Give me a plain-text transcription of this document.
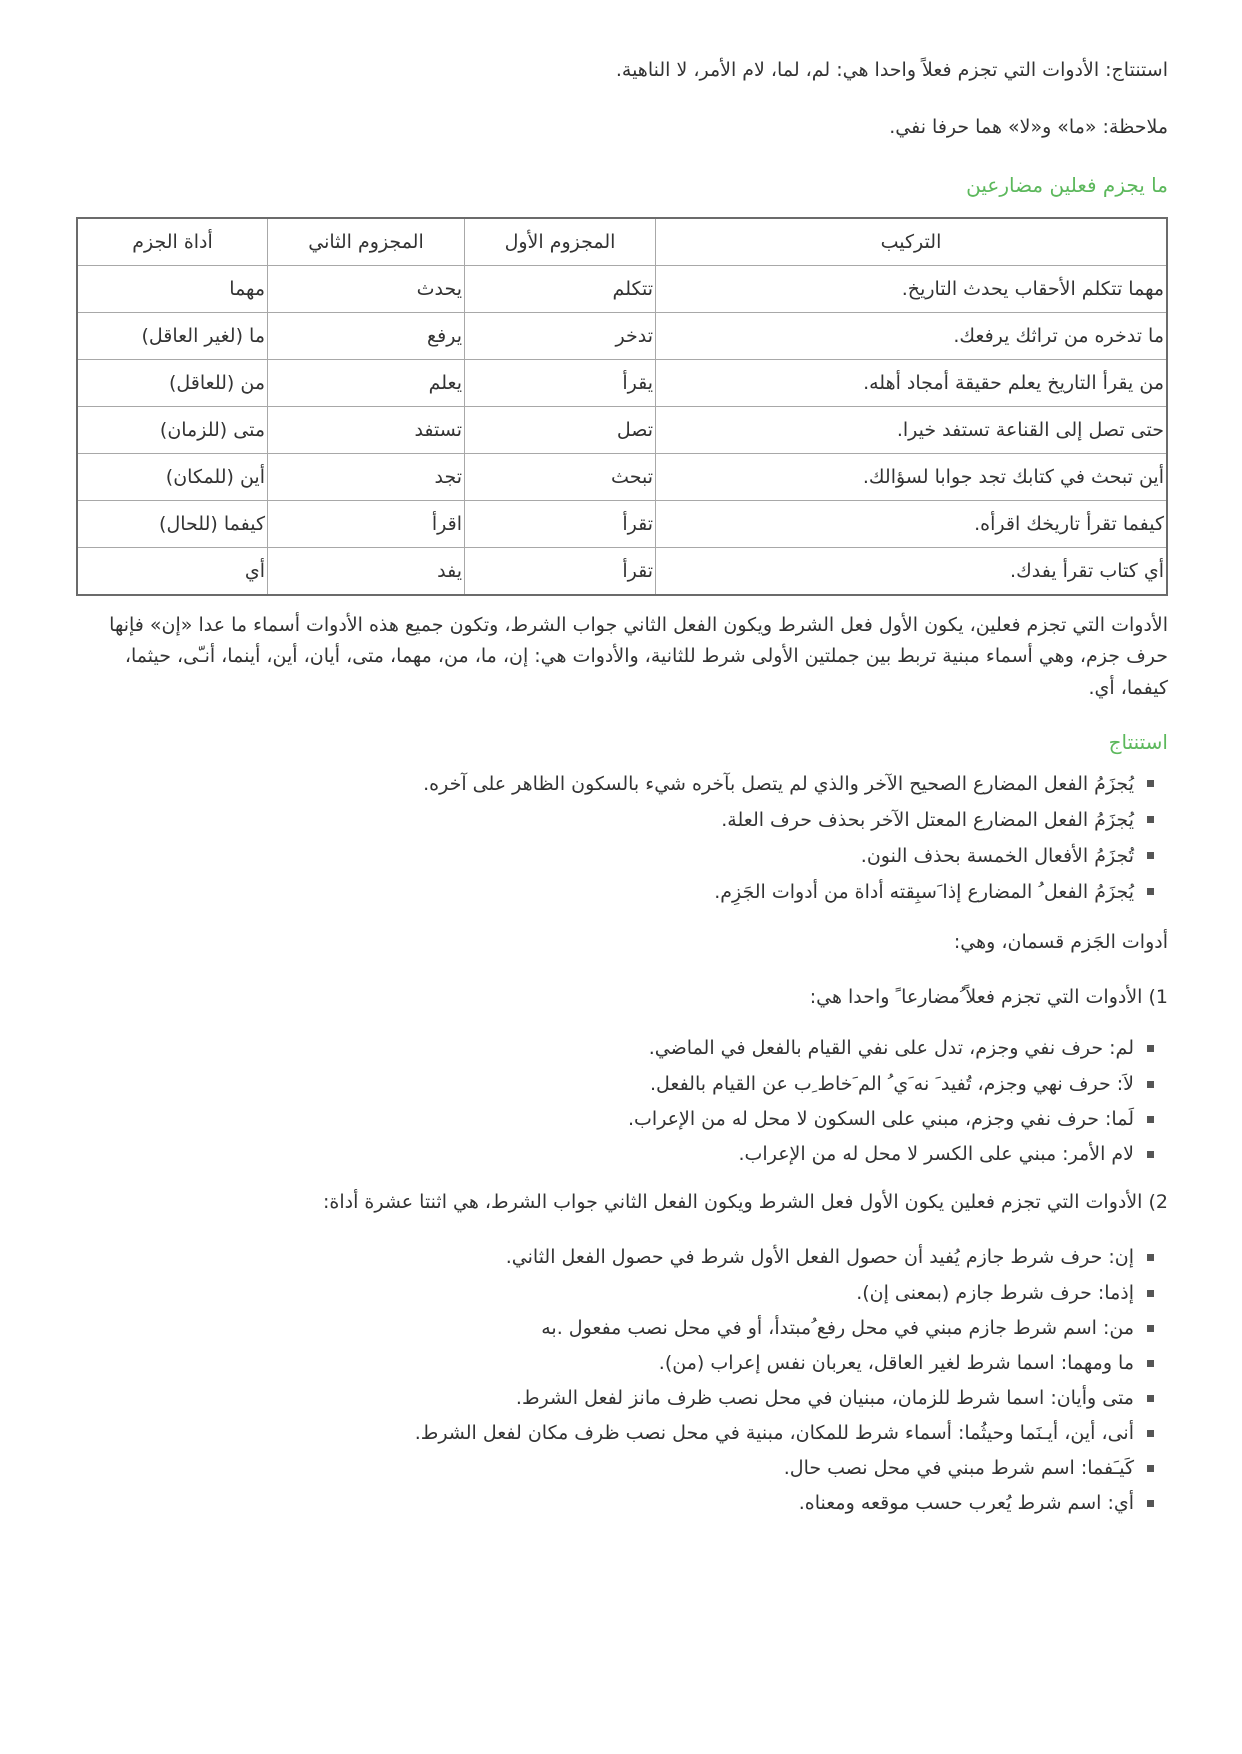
استنتاج: الأدوات التي تجزم فعلاً واحدا هي: لم، لما، لام الأمر، لا الناهية.

ملاحظة: «ما» و«لا» هما حرفا نفي.

ما يجزم فعلين مضارعين
التركيب	المجزوم الأول	المجزوم الثاني	أداة الجزم
مهما تتكلم الأحقاب يحدث التاريخ.	تتكلم	يحدث	مهما
ما تدخره من تراثك يرفعك.	تدخر	يرفع	ما (لغير العاقل)
من يقرأ التاريخ يعلم حقيقة أمجاد أهله.	يقرأ	يعلم	من (للعاقل)
حتى تصل إلى القناعة تستفد خيرا.	تصل	تستفد	متى (للزمان)
أين تبحث في كتابك تجد جوابا لسؤالك.	تبحث	تجد	أين (للمكان)
كيفما تقرأ تاريخك اقرأه.	تقرأ	اقرأ	كيفما (للحال)
أي كتاب تقرأ يفدك.	تقرأ	يفد	أي

الأدوات التي تجزم فعلين، يكون الأول فعل الشرط ويكون الفعل الثاني جواب الشرط، وتكون جميع هذه الأدوات أسماء ما عدا «إن» فإنها حرف جزم، وهي أسماء مبنية تربط بين جملتين الأولى شرط للثانية، والأدوات هي: إن، ما، من، مهما، متى، أيان، أين، أينما، أنـّى، حيثما، كيفما، أي.

استنتاج
يُجزَمُ الفعل المضارع الصحيح الآخر والذي لم يتصل بآخره شيء بالسكون الظاهر على آخره.
يُجزَمُ الفعل المضارع المعتل الآخر بحذف حرف العلة.
تُجزَمُ الأفعال الخمسة بحذف النون.
يُجزَمُ الفعل ُ المضارع إذا َسبِقته أداة من أدوات الجَزِم.

أدوات الجَزم قسمان، وهي:

1) الأدوات التي تجزم فعلاً ُمضارعا ً واحدا هي:

لم: حرف نفي وجزم، تدل على نفي القيام بالفعل في الماضي.
لاَ: حرف نهي وجزم، تُفيد َ نه َي ُ الم َخاط ِب عن القيام بالفعل.
لَما: حرف نفي وجزم، مبني على السكون لا محل له من الإعراب.
لام الأمر: مبني على الكسر لا محل له من الإعراب.

2) الأدوات التي تجزم فعلين يكون الأول فعل الشرط ويكون الفعل الثاني جواب الشرط، هي اثنتا عشرة أداة:

إن: حرف شرط جازم يُفيد أن حصول الفعل الأول شرط في حصول الفعل الثاني.
إذما: حرف شرط جازم (بمعنى إن).
من: اسم شرط جازم مبني في محل رفع ُمبتدأ، أو في محل نصب مفعول .به
ما ومهما: اسما شرط لغير العاقل، يعربان نفس إعراب (من).
متى وأيان: اسما شرط للزمان، مبنيان في محل نصب ظرف مانز لفعل الشرط.
أنى، أين، أيـنَما وحيثُما: أسماء شرط للمكان، مبنية في محل نصب ظرف مكان لفعل الشرط.
كَيـَفما: اسم شرط مبني في محل نصب حال.
أي: اسم شرط يُعرب حسب موقعه ومعناه.
